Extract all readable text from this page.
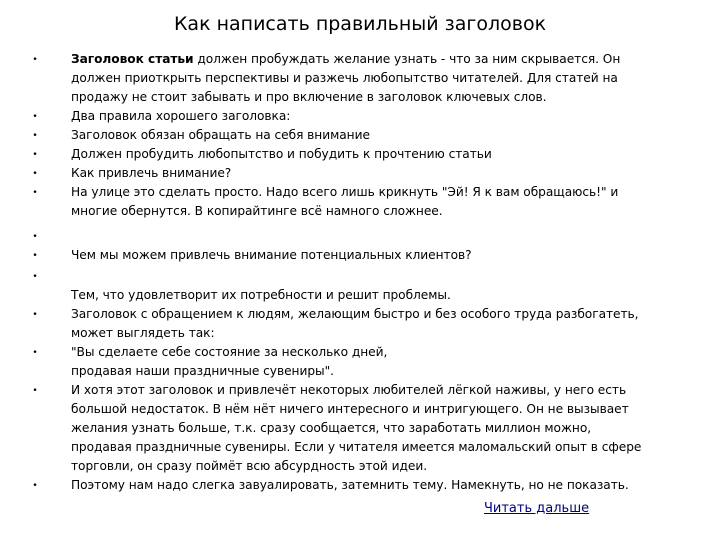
Как написать правильный заголовок
•	Заголовок статьи должен пробуждать желание узнать - что за ним скрывается. Он
должен приоткрыть перспективы и разжечь любопытство читателей. Для статей на
продажу не стоит забывать и про включение в заголовок ключевых слов.
•	Два правила хорошего заголовка:
•	Заголовок обязан обращать на себя внимание
•	Должен пробудить любопытство и побудить к прочтению статьи
•	Как привлечь внимание?
•	На улице это сделать просто. Надо всего лишь крикнуть "Эй! Я к вам обращаюсь!" и
многие обернутся. В копирайтинге всё намного сложнее.
•
•	Чем мы можем привлечь внимание потенциальных клиентов?
•
•
Тем, что удовлетворит их потребности и решит проблемы.
Заголовок с обращением к людям, желающим быстро и без особого труда разбогатеть,
может выглядеть так:
•	"Вы сделаете себе состояние за несколько дней,
продавая наши праздничные сувениры".
•	И хотя этот заголовок и привлечёт некоторых любителей лёгкой наживы, у него есть
большой недостаток. В нём нёт ничего интересного и интригующего. Он не вызывает
желания узнать больше, т.к. сразу сообщается, что заработать миллион можно,
продавая праздничные сувениры. Если у читателя имеется маломальский опыт в сфере
торговли, он сразу поймёт всю абсурдность этой идеи.
•	Поэтому нам надо слегка завуалировать, затемнить тему. Намекнуть, но не показать.
Читать дальше
